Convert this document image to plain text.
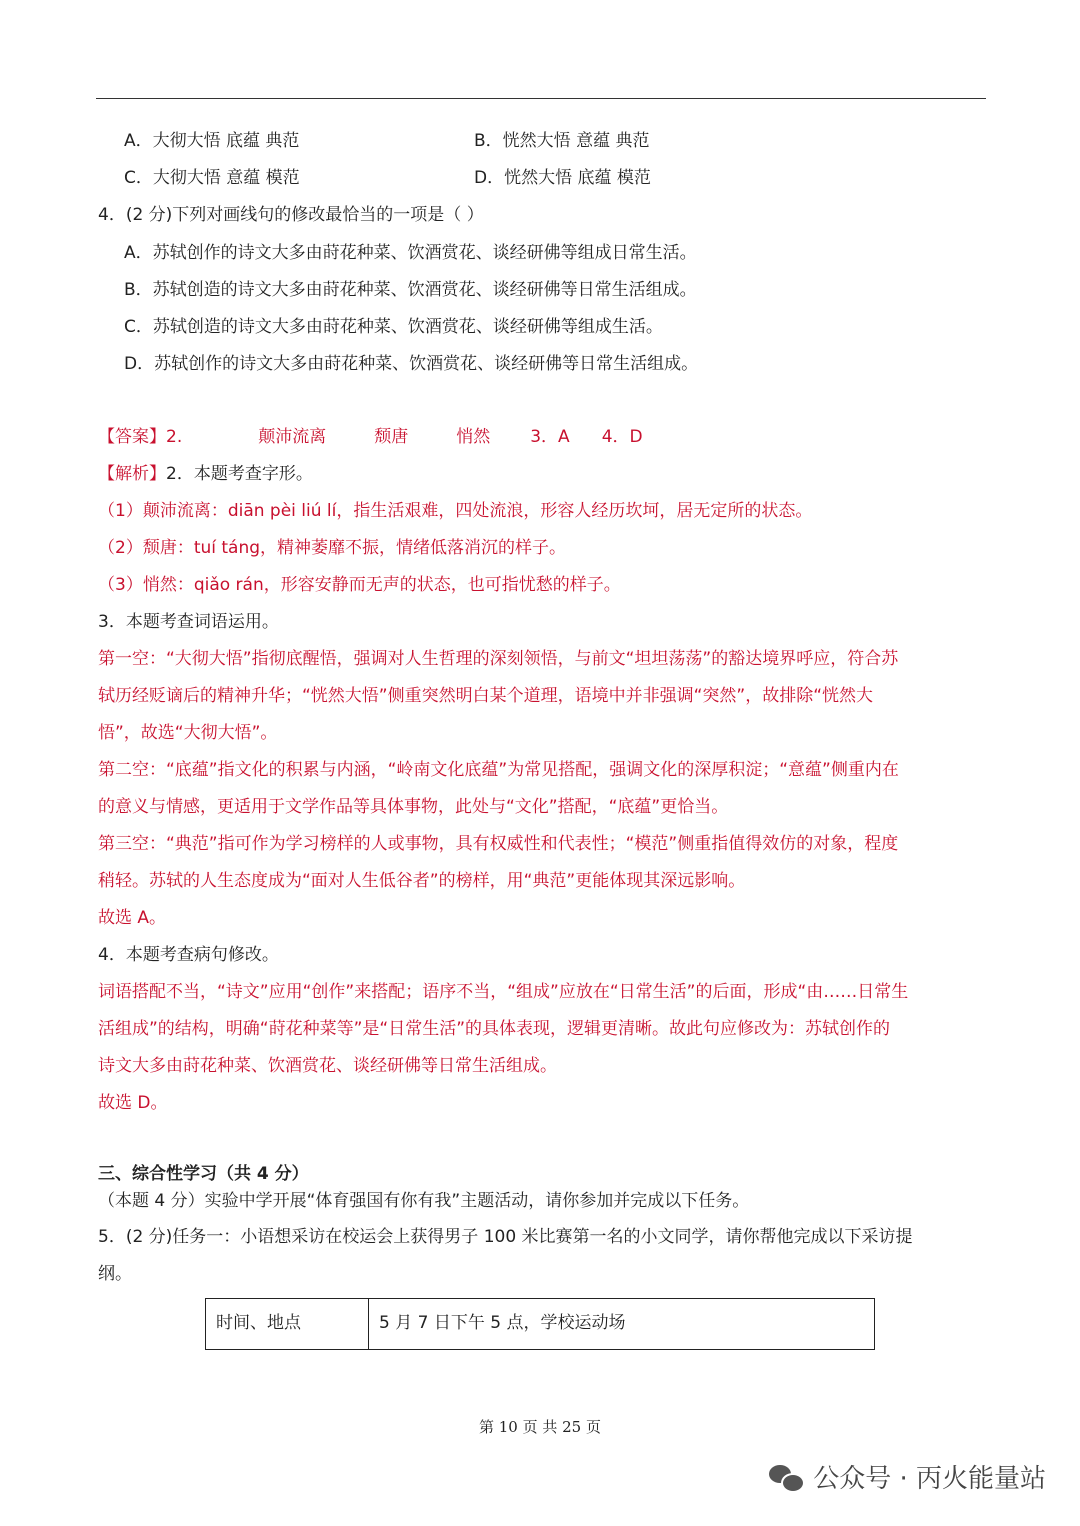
A．大彻大悟 底蕴 典范	B．恍然大悟 意蕴 典范
C．大彻大悟 意蕴 模范	D．恍然大悟 底蕴 模范
4．(2 分)下列对画线句的修改最恰当的一项是（ ）
A．苏轼创作的诗文大多由莳花种菜、饮酒赏花、谈经研佛等组成日常生活。
B．苏轼创造的诗文大多由莳花种菜、饮酒赏花、谈经研佛等日常生活组成。
C．苏轼创造的诗文大多由莳花种菜、饮酒赏花、谈经研佛等组成生活。
D．苏轼创作的诗文大多由莳花种菜、饮酒赏花、谈经研佛等日常生活组成。
【答案】2.	颠沛流离	颓唐	悄然 3．A 4．D
【解析】2．本题考查字形。
（1）颠沛流离：diān pèi liú lí，指生活艰难，四处流浪，形容人经历坎坷，居无定所的状态。
（2）颓唐：tuí táng，精神萎靡不振，情绪低落消沉的样子。
（3）悄然：qiǎo rán，形容安静而无声的状态，也可指忧愁的样子。
3．本题考查词语运用。
第一空：“大彻大悟”指彻底醒悟，强调对人生哲理的深刻领悟，与前文“坦坦荡荡”的豁达境界呼应，符合苏
轼历经贬谪后的精神升华；“恍然大悟”侧重突然明白某个道理，语境中并非强调“突然”，故排除“恍然大
悟”，故选“大彻大悟”。
第二空：“底蕴”指文化的积累与内涵，“岭南文化底蕴”为常见搭配，强调文化的深厚积淀；“意蕴”侧重内在
的意义与情感，更适用于文学作品等具体事物，此处与“文化”搭配，“底蕴”更恰当。
第三空：“典范”指可作为学习榜样的人或事物，具有权威性和代表性；“模范”侧重指值得效仿的对象，程度
稍轻。苏轼的人生态度成为“面对人生低谷者”的榜样，用“典范”更能体现其深远影响。
故选 A。
4．本题考查病句修改。
词语搭配不当，“诗文”应用“创作”来搭配；语序不当，“组成”应放在“日常生活”的后面，形成“由……日常生
活组成”的结构，明确“莳花种菜等”是“日常生活”的具体表现，逻辑更清晰。故此句应修改为：苏轼创作的
诗文大多由莳花种菜、饮酒赏花、谈经研佛等日常生活组成。
故选 D。
三、综合性学习（共 4 分）
（本题 4 分）实验中学开展“体育强国有你有我”主题活动，请你参加并完成以下任务。
5．(2 分)任务一：小语想采访在校运会上获得男子 100 米比赛第一名的小文同学，请你帮他完成以下采访提
纲。
时间、地点	5 月 7 日下午 5 点，学校运动场
第 10 页 共 25 页
公众号 · 丙火能量站
